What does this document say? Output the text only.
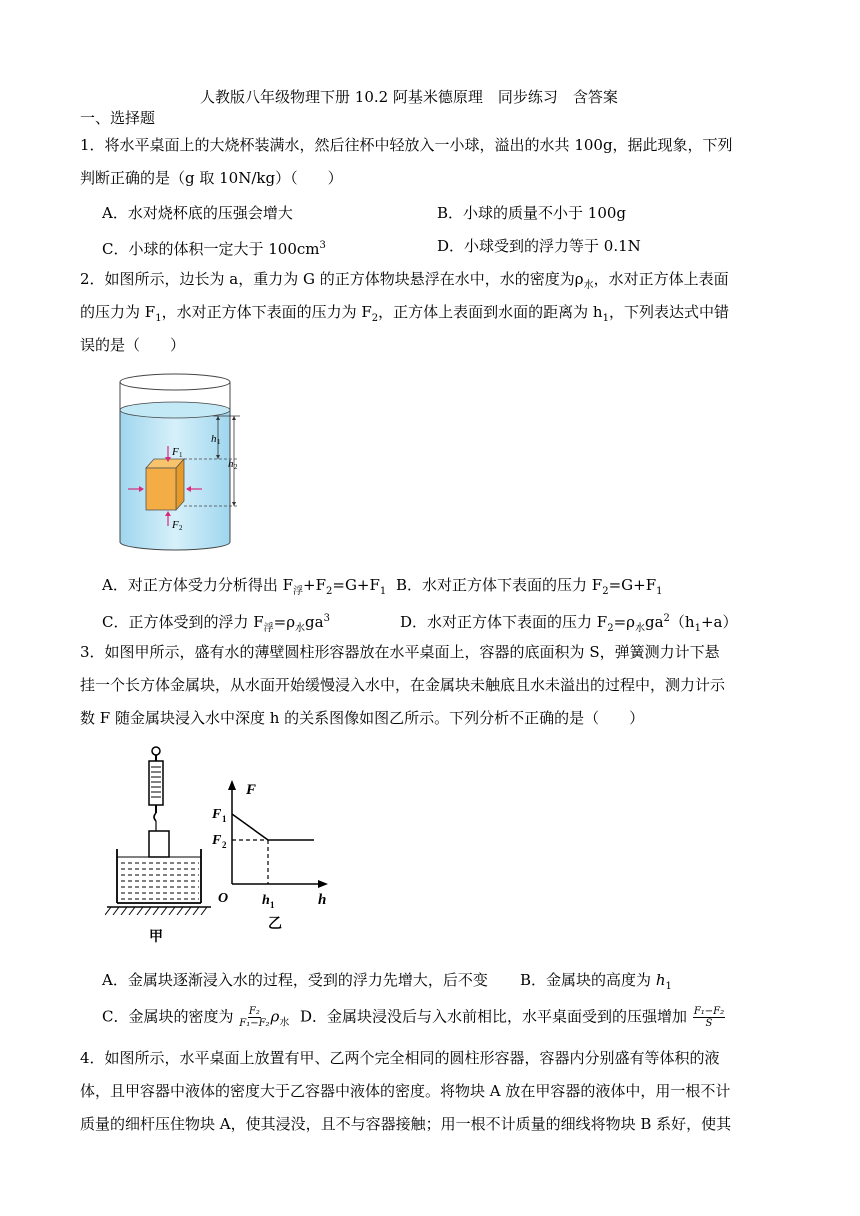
人教版八年级物理下册 10.2 阿基米德原理　同步练习　含答案
一、选择题
1．将水平桌面上的大烧杯装满水，然后往杯中轻放入一小球，溢出的水共 100g，据此现象，下列
判断正确的是（g 取 10N/kg）（　　）
A．水对烧杯底的压强会增大	B．小球的质量不小于 100g
C．小球的体积一定大于 $100cm^3$	D．小球受到的浮力等于 0.1N
2．如图所示，边长为 a，重力为 G 的正方体物块悬浮在水中，水的密度为$\rho_水$，水对正方体上表面
的压力为 $F_1$，水对正方体下表面的压力为 $F_2$，正方体上表面到水面的距离为 $h_1$，下列表达式中错
误的是（　　）
F 1
F 2
h 1
h 2
A．对正方体受力分析得出 $F_浮+F_2=G+F_1$ B．水对正方体下表面的压力 $F_2=G+F_1$
C．正方体受到的浮力 $F_浮=\rho_水ga^3$	D．水对正方体下表面的压力 $F_2=\rho_水ga^2(h_1+a)$
3．如图甲所示，盛有水的薄壁圆柱形容器放在水平桌面上，容器的底面积为 S，弹簧测力计下悬
挂一个长方体金属块，从水面开始缓慢浸入水中，在金属块未触底且水未溢出的过程中，测力计示
数 F 随金属块浸入水中深度 h 的关系图像如图乙所示。下列分析不正确的是（　　）
甲
F
F 1
F 2
O h 1	h
乙
A．金属块逐渐浸入水的过程，受到的浮力先增大，后不变 B．金属块的高度为 $h_1$
C．金属块的密度为 $\frac{\text{F₂}}{\text{F₁−F₂}} \rho_水$ D．金属块浸没后与入水前相比，水平桌面受到的压强增加 $\frac{\text{F₁−F₂}}{S}$
4．如图所示，水平桌面上放置有甲、乙两个完全相同的圆柱形容器，容器内分别盛有等体积的液
体，且甲容器中液体的密度大于乙容器中液体的密度。将物块 A 放在甲容器的液体中，用一根不计
质量的细杆压住物块 A，使其浸没，且不与容器接触；用一根不计质量的细线将物块 B 系好，使其
